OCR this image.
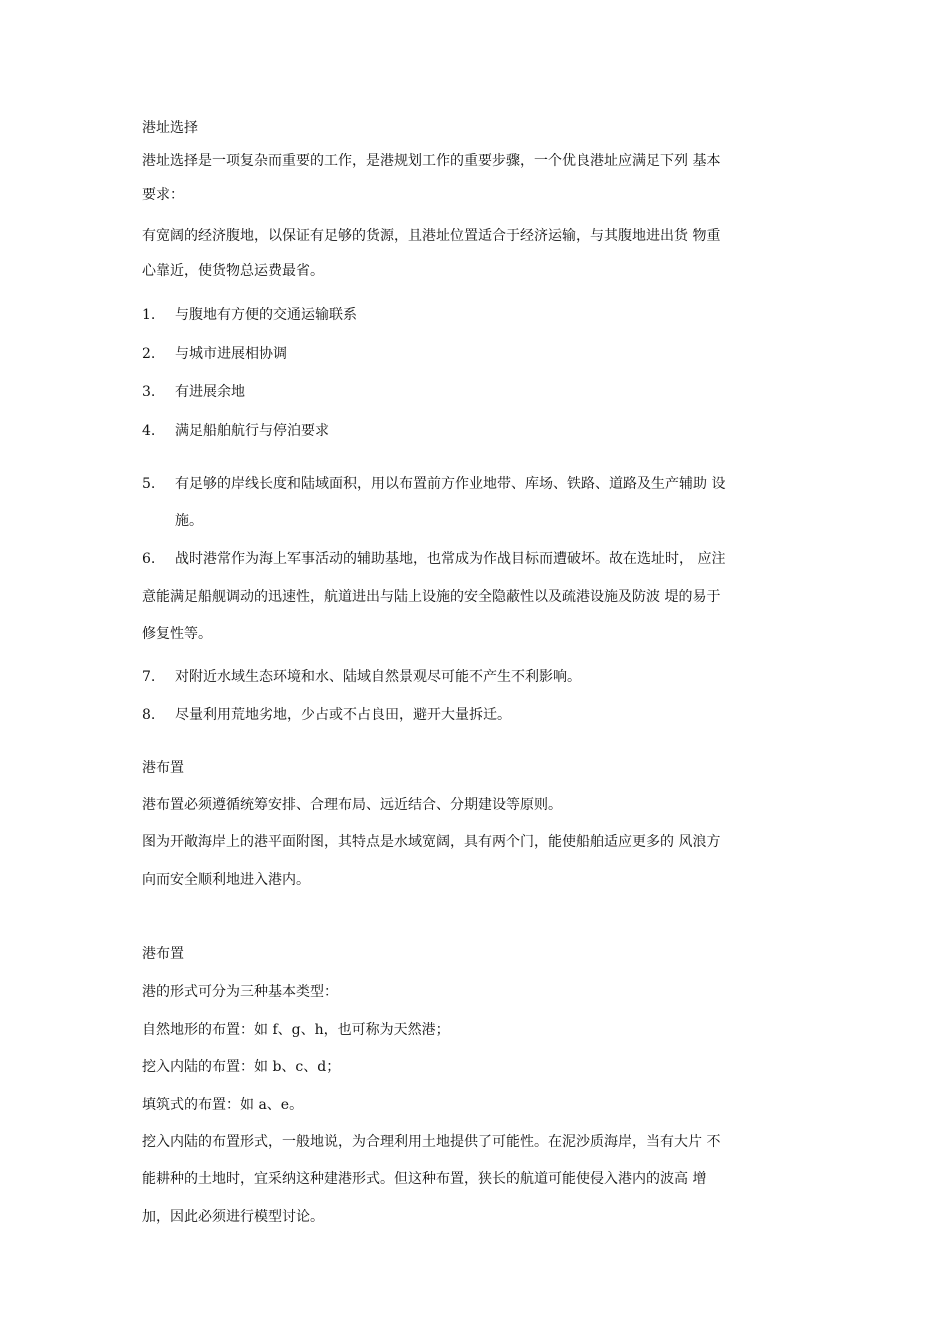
港址选择
港址选择是一项复杂而重要的工作，是港规划工作的重要步骤，一个优良港址应满足下列 基本
要求：
有宽阔的经济腹地，以保证有足够的货源，且港址位置适合于经济运输，与其腹地进出货 物重
心靠近，使货物总运费最省。
1. 与腹地有方便的交通运输联系
2. 与城市进展相协调
3. 有进展余地
4. 满足船舶航行与停泊要求
5. 有足够的岸线长度和陆域面积，用以布置前方作业地带、库场、铁路、道路及生产辅助 设
施。
6. 战时港常作为海上军事活动的辅助基地，也常成为作战目标而遭破坏。故在选址时， 应注
意能满足船舰调动的迅速性，航道进出与陆上设施的安全隐蔽性以及疏港设施及防波 堤的易于
修复性等。
7. 对附近水域生态环境和水、陆域自然景观尽可能不产生不利影响。
8. 尽量利用荒地劣地，少占或不占良田，避开大量拆迁。
港布置
港布置必须遵循统筹安排、合理布局、远近结合、分期建设等原则。
图为开敞海岸上的港平面附图，其特点是水域宽阔，具有两个门，能使船舶适应更多的 风浪方
向而安全顺利地进入港内。
港布置
港的形式可分为三种基本类型：
自然地形的布置：如 f、g、h，也可称为天然港；
挖入内陆的布置：如 b、c、d；
填筑式的布置：如 a、e。
挖入内陆的布置形式，一般地说，为合理利用土地提供了可能性。在泥沙质海岸，当有大片 不
能耕种的土地时，宜采纳这种建港形式。但这种布置，狭长的航道可能使侵入港内的波高 增
加，因此必须进行模型讨论。
